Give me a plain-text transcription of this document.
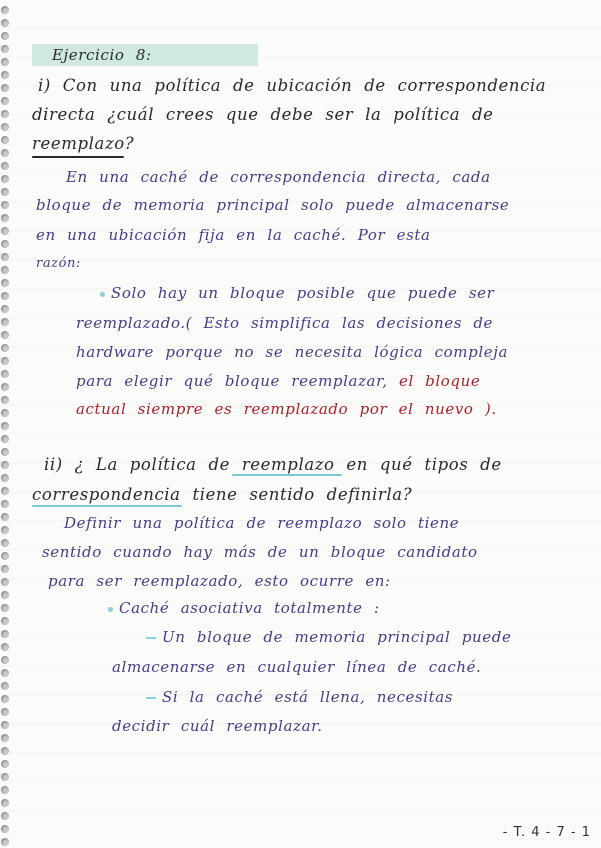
Ejercicio 8:
i) Con una política de ubicación de correspondencia
directa ¿cuál crees que debe ser la política de
reemplazo?
En una caché de correspondencia directa, cada
bloque de memoria principal solo puede almacenarse
en una ubicación fija en la caché. Por esta
razón:
Solo hay un bloque posible que puede ser
reemplazado.( Esto simplifica las decisiones de
hardware porque no se necesita lógica compleja
para elegir qué bloque reemplazar, el bloque
actual siempre es reemplazado por el nuevo ).
ii) ¿ La política de reemplazo en qué tipos de
correspondencia tiene sentido definirla?
Definir una política de reemplazo solo tiene
sentido cuando hay más de un bloque candidato
para ser reemplazado, esto ocurre en:
Caché asociativa totalmente :
Un bloque de memoria principal puede
almacenarse en cualquier línea de caché.
Si la caché está llena, necesitas
decidir cuál reemplazar.
- T. 4 - 7 - 1
